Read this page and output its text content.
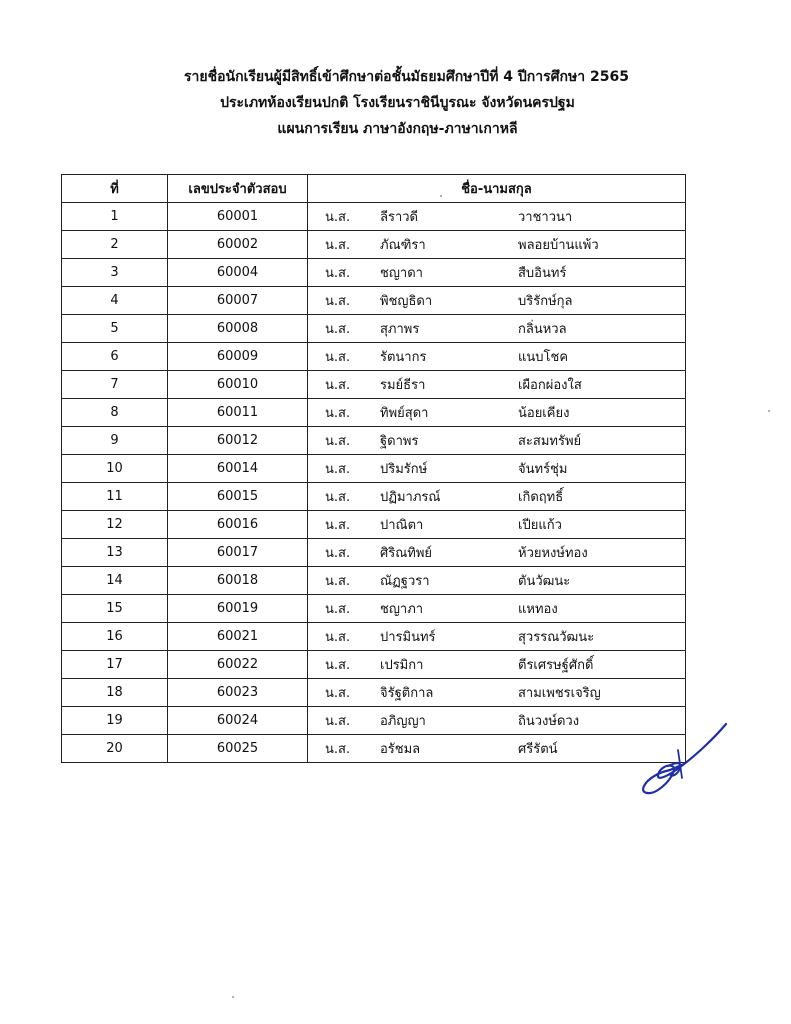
รายชื่อนักเรียนผู้มีสิทธิ์เข้าศึกษาต่อชั้นมัธยมศึกษาปีที่ 4 ปีการศึกษา 2565
ประเภทห้องเรียนปกติ โรงเรียนราชินีบูรณะ จังหวัดนครปฐม
แผนการเรียน ภาษาอังกฤษ-ภาษาเกาหลี
ที่	เลขประจำตัวสอบ	ชื่อ-นามสกุล
1	60001	น.ส. ลีราวดี วาชาวนา
2	60002	น.ส. ภัณฑิรา พลอยบ้านแพ้ว
3	60004	น.ส. ชญาดา สืบอินทร์
4	60007	น.ส. พิชญธิดา บริรักษ์กุล
5	60008	น.ส. สุภาพร กลิ่นหวล
6	60009	น.ส. รัตนากร แนบโชค
7	60010	น.ส. รมย์ธีรา เผือกผ่องใส
8	60011	น.ส. ทิพย์สุดา น้อยเคียง
9	60012	น.ส. ฐิดาพร สะสมทรัพย์
10	60014	น.ส. ปริมรักษ์ จันทร์ชุ่ม
11	60015	น.ส. ปฏิมาภรณ์ เกิดฤทธิ์
12	60016	น.ส. ปาณิตา เปียแก้ว
13	60017	น.ส. ศิริณทิพย์ ห้วยหงษ์ทอง
14	60018	น.ส. ณัฏฐวรา ตันวัฒนะ
15	60019	น.ส. ชญาภา แหทอง
16	60021	น.ส. ปารมินทร์ สุวรรณวัฒนะ
17	60022	น.ส. เปรมิกา ตีรเศรษฐ์ศักดิ์
18	60023	น.ส. จิรัฐติกาล สามเพชรเจริญ
19	60024	น.ส. อภิญญา ถินวงษ์ดวง
20	60025	น.ส. อรัชมล ศรีรัตน์
